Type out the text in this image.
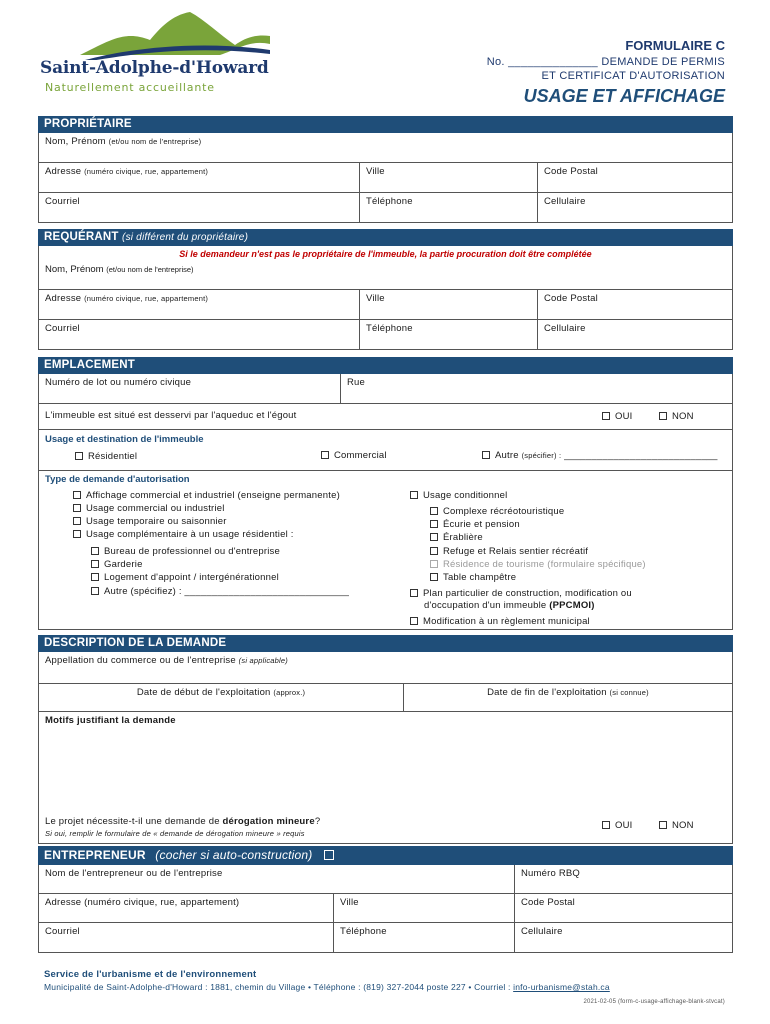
Saint-Adolphe-d'Howard
Naturellement accueillante
FORMULAIRE C
No. ______________ DEMANDE DE PERMIS
ET CERTIFICAT D'AUTORISATION
USAGE ET AFFICHAGE
PROPRIÉTAIRE
Nom, Prénom (et/ou nom de l'entreprise)
Adresse (numéro civique, rue, appartement)	Ville	Code Postal
Courriel	Téléphone	Cellulaire
REQUÉRANT (si différent du propriétaire)
Si le demandeur n'est pas le propriétaire de l'immeuble, la partie procuration doit être complétée
Nom, Prénom (et/ou nom de l'entreprise)
Adresse (numéro civique, rue, appartement)	Ville	Code Postal
Courriel	Téléphone	Cellulaire
EMPLACEMENT
Numéro de lot ou numéro civique	Rue
L'immeuble est situé est desservi par l'aqueduc et l'égout	OUI	NON
Usage et destination de l'immeuble
Résidentiel	Commercial	Autre (spécifier) : ____________________________
Type de demande d'autorisation
Affichage commercial et industriel (enseigne permanente)
Usage commercial ou industriel
Usage temporaire ou saisonnier
Usage complémentaire à un usage résidentiel :
Bureau de professionnel ou d'entreprise
Garderie
Logement d'appoint / intergénérationnel
Autre (spécifiez) : ______________________________
Usage conditionnel
Complexe récréotouristique
Écurie et pension
Érablière
Refuge et Relais sentier récréatif
Résidence de tourisme (formulaire spécifique)
Table champêtre
Plan particulier de construction, modification ou
d'occupation d'un immeuble (PPCMOI)
Modification à un règlement municipal
DESCRIPTION DE LA DEMANDE
Appellation du commerce ou de l'entreprise (si applicable)
Date de début de l'exploitation (approx.)	Date de fin de l'exploitation (si connue)
Motifs justifiant la demande
Le projet nécessite-t-il une demande de dérogation mineure?
Si oui, remplir le formulaire de « demande de dérogation mineure » requis
OUI	NON
ENTREPRENEUR (cocher si auto-construction)
Nom de l'entrepreneur ou de l'entreprise	Numéro RBQ
Adresse (numéro civique, rue, appartement)	Ville	Code Postal
Courriel	Téléphone	Cellulaire
Service de l'urbanisme et de l'environnement
Municipalité de Saint-Adolphe-d'Howard : 1881, chemin du Village • Téléphone : (819) 327-2044 poste 227 • Courriel : info-urbanisme@stah.ca
2021-02-05 (form-c-usage-affichage-blank-stvcat)
